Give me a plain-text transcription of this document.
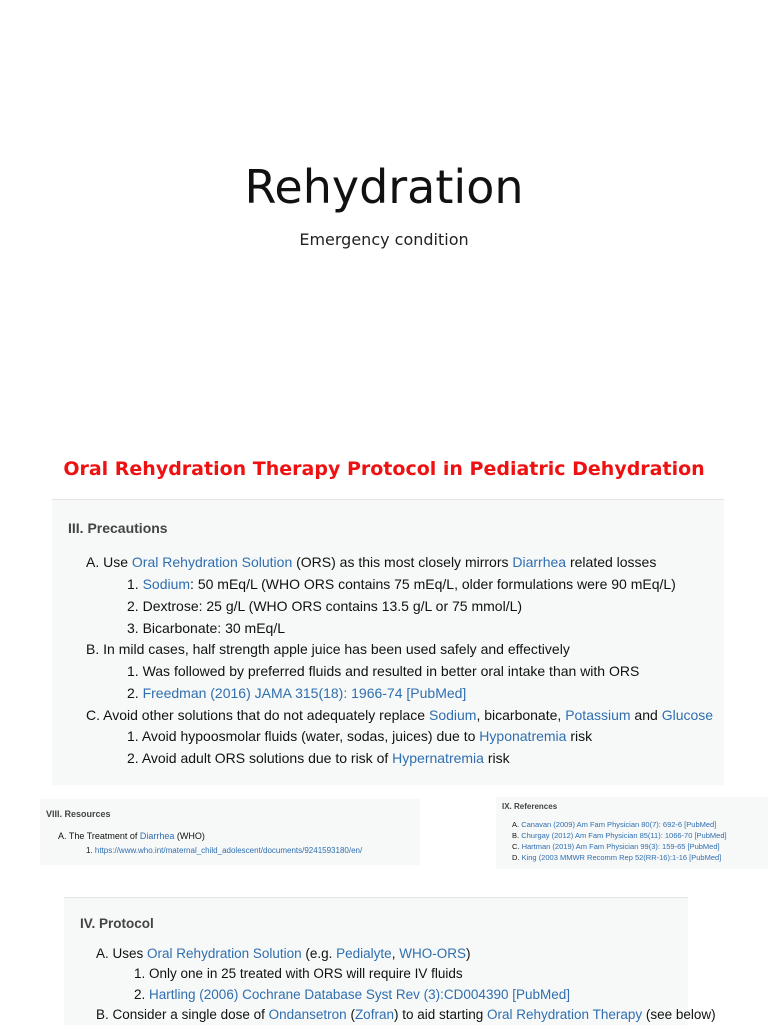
Rehydration
Emergency condition
Oral Rehydration Therapy Protocol in Pediatric Dehydration
III. Precautions
A. Use Oral Rehydration Solution (ORS) as this most closely mirrors Diarrhea related losses
1. Sodium: 50 mEq/L (WHO ORS contains 75 mEq/L, older formulations were 90 mEq/L)
2. Dextrose: 25 g/L (WHO ORS contains 13.5 g/L or 75 mmol/L)
3. Bicarbonate: 30 mEq/L
B. In mild cases, half strength apple juice has been used safely and effectively
1. Was followed by preferred fluids and resulted in better oral intake than with ORS
2. Freedman (2016) JAMA 315(18): 1966-74 [PubMed]
C. Avoid other solutions that do not adequately replace Sodium, bicarbonate, Potassium and Glucose
1. Avoid hypoosmolar fluids (water, sodas, juices) due to Hyponatremia risk
2. Avoid adult ORS solutions due to risk of Hypernatremia risk
VIII. Resources
A. The Treatment of Diarrhea (WHO)
1. https://www.who.int/maternal_child_adolescent/documents/9241593180/en/
IX. References
A. Canavan (2009) Am Fam Physician 80(7): 692-6 [PubMed]
B. Churgay (2012) Am Fam Physician 85(11): 1066-70 [PubMed]
C. Hartman (2019) Am Fam Physician 99(3): 159-65 [PubMed]
D. King (2003 MMWR Recomm Rep 52(RR-16):1-16 [PubMed]
IV. Protocol
A. Uses Oral Rehydration Solution (e.g. Pedialyte, WHO-ORS)
1. Only one in 25 treated with ORS will require IV fluids
2. Hartling (2006) Cochrane Database Syst Rev (3):CD004390 [PubMed]
B. Consider a single dose of Ondansetron (Zofran) to aid starting Oral Rehydration Therapy (see below)
